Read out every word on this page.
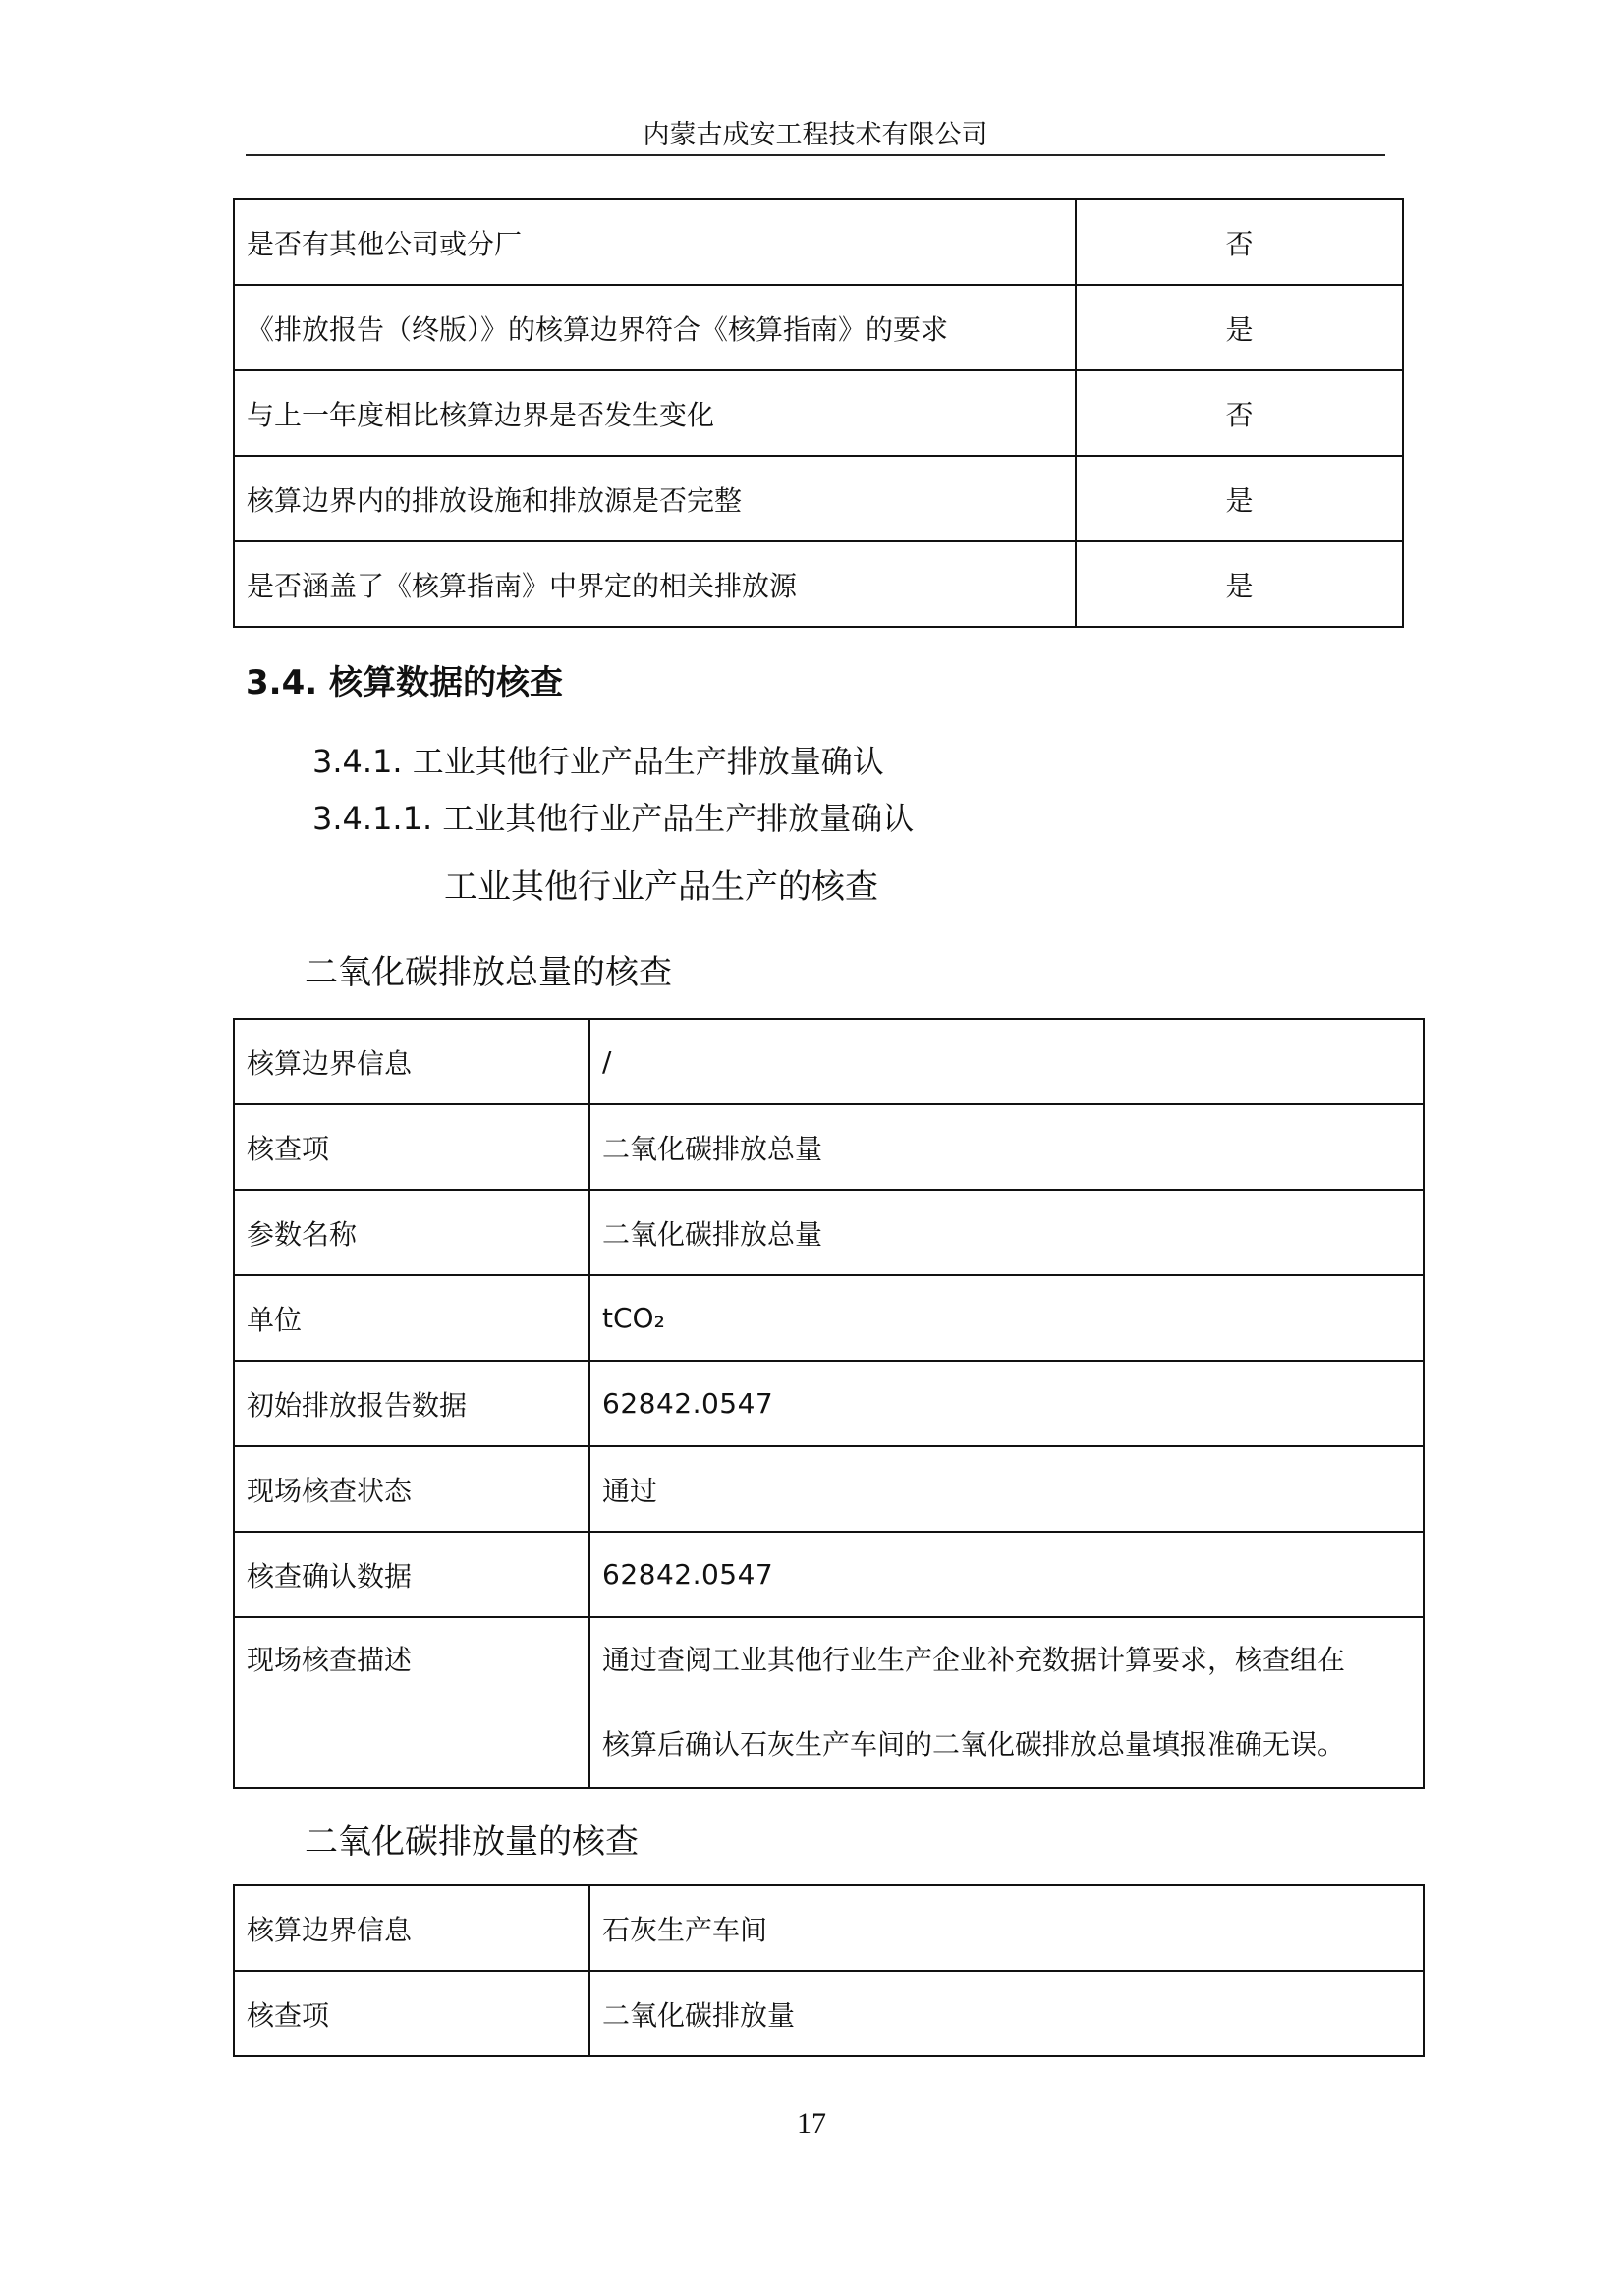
内蒙古成安工程技术有限公司
是否有其他公司或分厂	否
《排放报告（终版）》的核算边界符合《核算指南》的要求	是
与上一年度相比核算边界是否发生变化	否
核算边界内的排放设施和排放源是否完整	是
是否涵盖了《核算指南》中界定的相关排放源	是
3.4. 核算数据的核查
3.4.1. 工业其他行业产品生产排放量确认
3.4.1.1. 工业其他行业产品生产排放量确认
工业其他行业产品生产的核查
二氧化碳排放总量的核查
核算边界信息	/
核查项	二氧化碳排放总量
参数名称	二氧化碳排放总量
单位	tCO₂
初始排放报告数据	62842.0547
现场核查状态	通过
核查确认数据	62842.0547
现场核查描述	通过查阅工业其他行业生产企业补充数据计算要求，核查组在
核算后确认石灰生产车间的二氧化碳排放总量填报准确无误。
二氧化碳排放量的核查
核算边界信息	石灰生产车间
核查项	二氧化碳排放量
17
